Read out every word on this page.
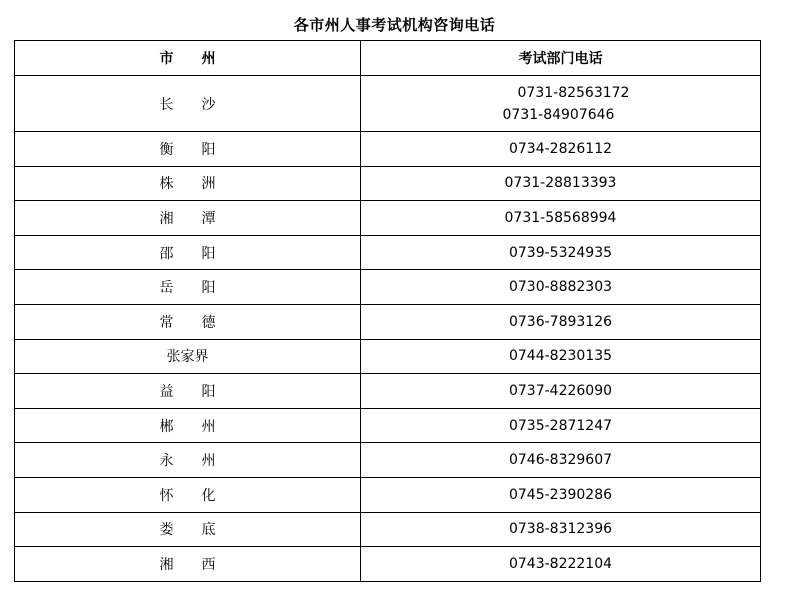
各市州人事考试机构咨询电话
市　　州	考试部门电话
长　　沙	0731-82563172
0731-84907646

衡　　阳	0734-2826112
株　　洲	0731-28813393
湘　　潭	0731-58568994
邵　　阳	0739-5324935
岳　　阳	0730-8882303
常　　德	0736-7893126
张家界	0744-8230135
益　　阳	0737-4226090
郴　　州	0735-2871247
永　　州	0746-8329607
怀　　化	0745-2390286
娄　　底	0738-8312396
湘　　西	0743-8222104
